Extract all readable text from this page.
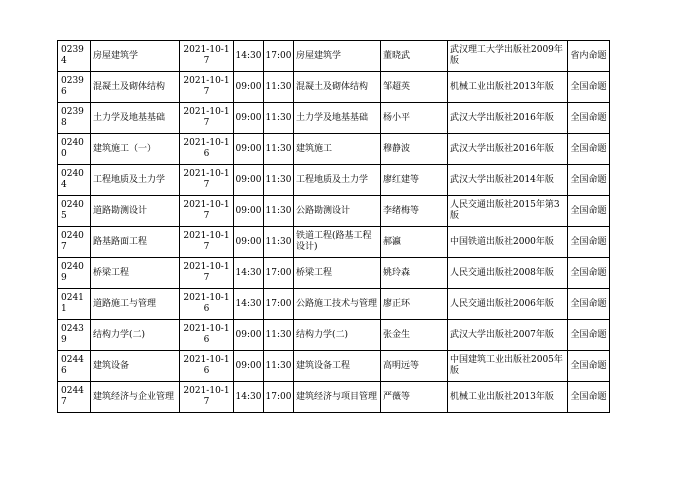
02394	房屋建筑学	2021-10-17	14:30	17:00	房屋建筑学	董晓武	武汉理工大学出版社2009年版	省内命题
02396	混凝土及砌体结构	2021-10-17	09:00	11:30	混凝土及砌体结构	邹超英	机械工业出版社2013年版	全国命题
02398	土力学及地基基础	2021-10-17	09:00	11:30	土力学及地基基础	杨小平	武汉大学出版社2016年版	全国命题
02400	建筑施工（一）	2021-10-16	09:00	11:30	建筑施工	穆静波	武汉大学出版社2016年版	全国命题
02404	工程地质及土力学	2021-10-17	09:00	11:30	工程地质及土力学	廖红建等	武汉大学出版社2014年版	全国命题
02405	道路勘测设计	2021-10-17	09:00	11:30	公路勘测设计	李绪梅等	人民交通出版社2015年第3版	全国命题
02407	路基路面工程	2021-10-17	09:00	11:30	铁道工程(路基工程设计)	郝瀛	中国铁道出版社2000年版	全国命题
02409	桥梁工程	2021-10-17	14:30	17:00	桥梁工程	姚玲森	人民交通出版社2008年版	全国命题
02411	道路施工与管理	2021-10-16	14:30	17:00	公路施工技术与管理	廖正环	人民交通出版社2006年版	全国命题
02439	结构力学(二)	2021-10-16	09:00	11:30	结构力学(二)	张金生	武汉大学出版社2007年版	全国命题
02446	建筑设备	2021-10-16	09:00	11:30	建筑设备工程	高明远等	中国建筑工业出版社2005年版	全国命题
02447	建筑经济与企业管理	2021-10-17	14:30	17:00	建筑经济与项目管理	严薇等	机械工业出版社2013年版	全国命题
